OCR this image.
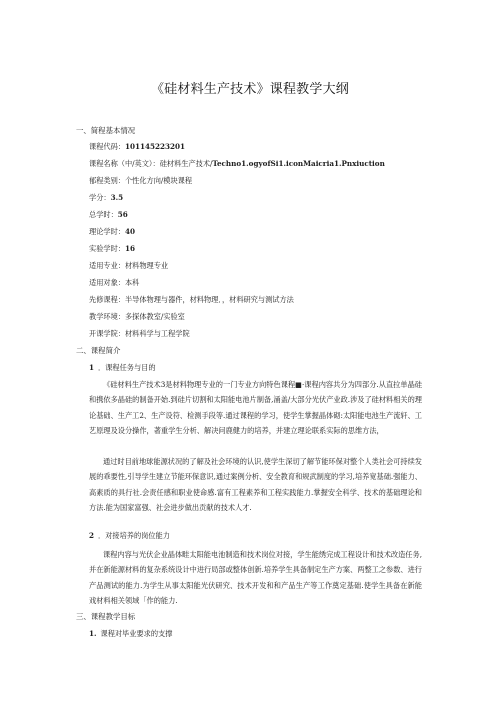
《硅材料生产技术》课程教学大纲
一、简程基本情况
课程代码：101145223201
课程名称（中/英文）：硅材料生产技术/Techno1.ogyofSi1.iconMaicria1.Pnxiuction
郁程类别：个性化方向/模块课程
学分：3.5
总学时：56
理论学时：40
实验学时：16
适用专业：材料物理专业
适用对象：本科
先修课程：半导体物理与器件，材料物理．，材料研究与测试方法
教学环境：多探体教室/实验室
开课学院：材料科学与工程学院
二、课程简介
1 ．课程任务与目的

《硅材料生产技术3是材料物理专业的一门专业方向特色课程■·课程内容共分为四部分.从直拉单晶硅和携依多晶硅的制备开始.到硅片切割和太阳能电池片制备,涌盖/大部分光伏产业政.涉及了硅材料相关的理论基础、生产工2、生产设符、检测手段等.通过课程的学习，使学生掌握晶体砌:太阳能电池生产流轩、工艺原理及设分操作，著重学生分析、解决问鹿健力的培养，并建立理论联系实际的思维方法，

通过时目前地球能源状况的了解及社会环境的认识,使学生深切了解节能环保对整个人类社会可持续发展的乖要性,引导学生建立节能环保意识,通过案例分析、安全教育和规武制度的学习,培养宽基础.强能力、高素质的具行社.会责任感和职业使命感.富有工程素养和工程实践能力.掌握安全科学、技术的基础理论和方法.能为国家富强、社会进步做出贡献的技术人才.

2 ．对接培养的岗位能力

课程内容与光伏企业晶体畦太阳能电池制造和技术岗位对接，学生能绣完成工程设计和技术改造任务,并在新能源材料的复杂系统设计中进行局部或整体创新.培养学生具备制定生产方案、两整工之参数、进行产品测试的能力.为学生从事太阳能光伏研究、技术开发和和产品生产等工作奠定基础.使学生具备在新能戏材料相关领域「作的能力.

三、课程教学目标
1. 课程对毕业要求的支撑
